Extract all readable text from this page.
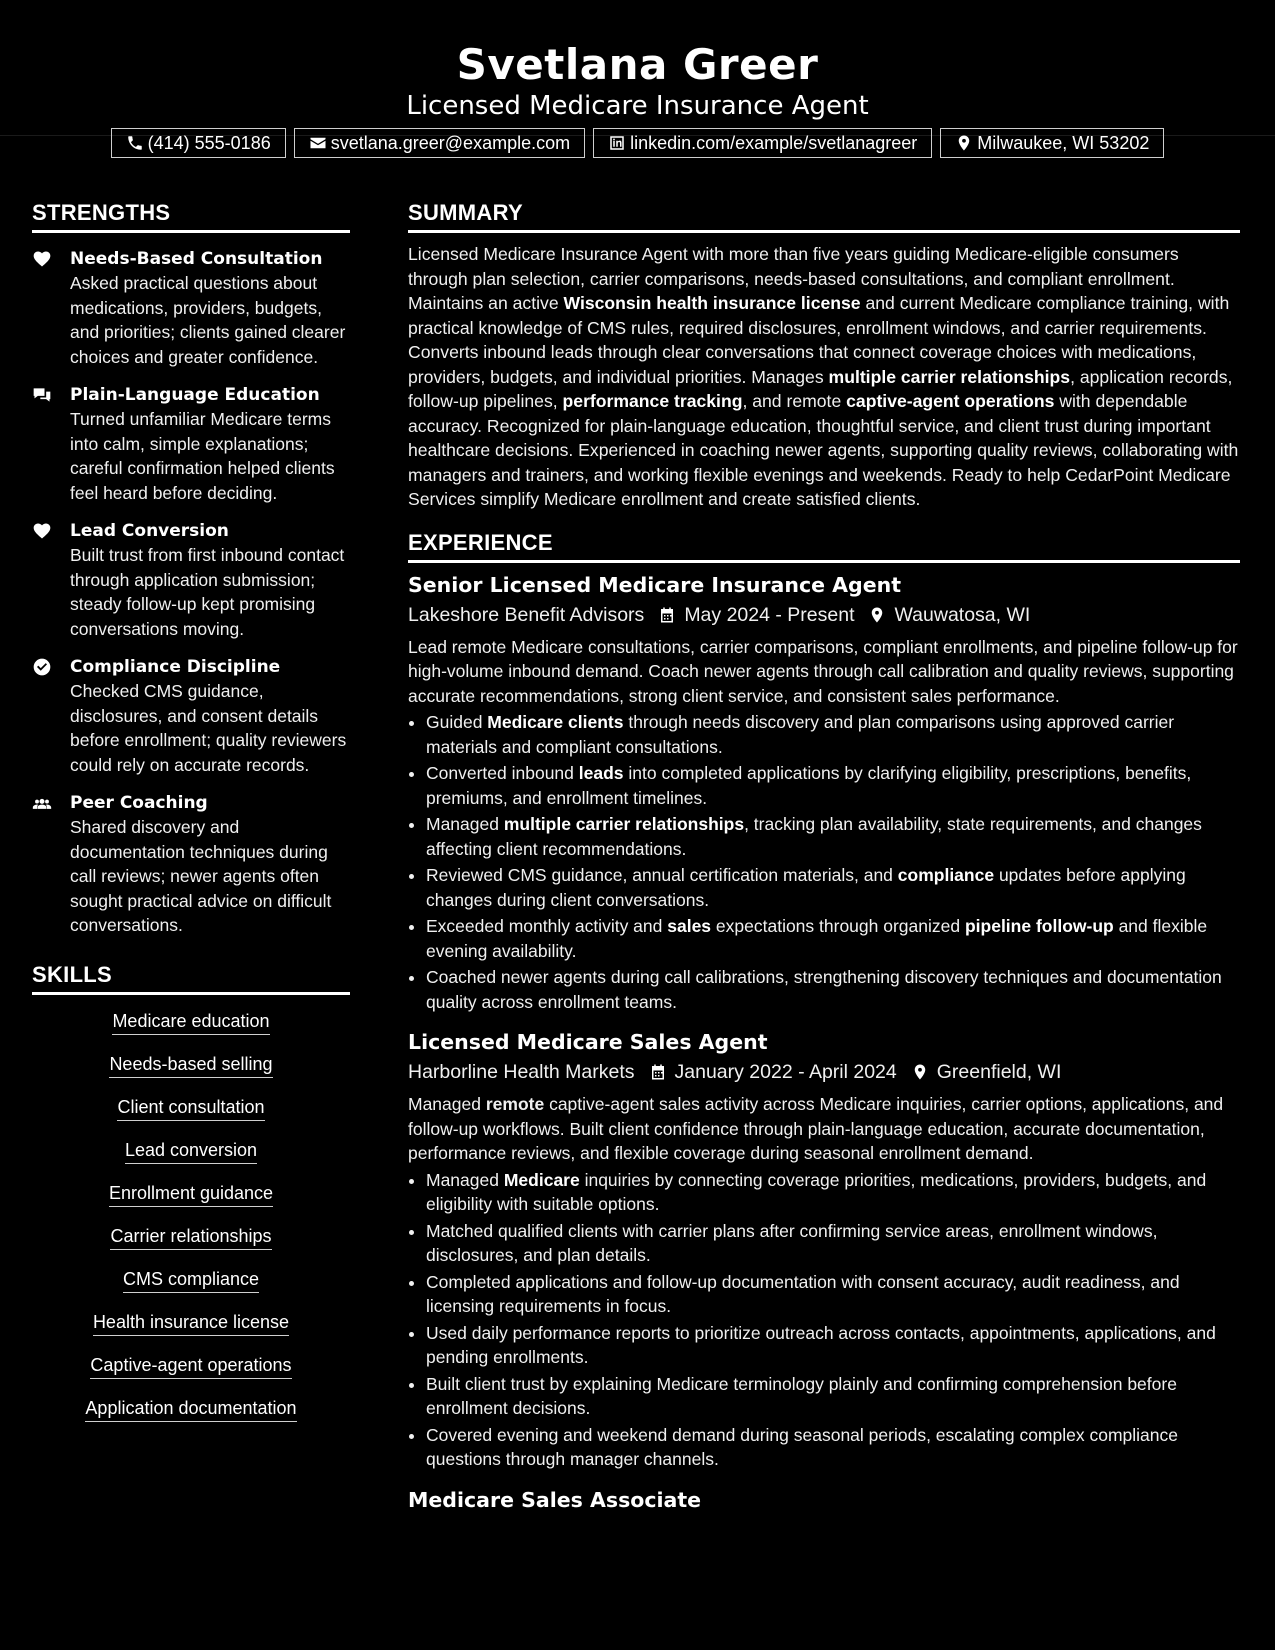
Svetlana Greer
Licensed Medicare Insurance Agent
(414) 555-0186	svetlana.greer@example.com	linkedin.com/example/svetlanagreer	Milwaukee, WI 53202
STRENGTHS
Needs-Based Consultation
Asked practical questions about medications, providers, budgets, and priorities; clients gained clearer choices and greater confidence.
Plain-Language Education
Turned unfamiliar Medicare terms into calm, simple explanations; careful confirmation helped clients feel heard before deciding.
Lead Conversion
Built trust from first inbound contact through application submission; steady follow-up kept promising conversations moving.
Compliance Discipline
Checked CMS guidance, disclosures, and consent details before enrollment; quality reviewers could rely on accurate records.
Peer Coaching
Shared discovery and documentation techniques during call reviews; newer agents often sought practical advice on difficult conversations.
SKILLS
Medicare education
Needs-based selling
Client consultation
Lead conversion
Enrollment guidance
Carrier relationships
CMS compliance
Health insurance license
Captive-agent operations
Application documentation
SUMMARY
Licensed Medicare Insurance Agent with more than five years guiding Medicare-eligible consumers through plan selection, carrier comparisons, needs-based consultations, and compliant enrollment. Maintains an active Wisconsin health insurance license and current Medicare compliance training, with practical knowledge of CMS rules, required disclosures, enrollment windows, and carrier requirements. Converts inbound leads through clear conversations that connect coverage choices with medications, providers, budgets, and individual priorities. Manages multiple carrier relationships, application records, follow-up pipelines, performance tracking, and remote captive-agent operations with dependable accuracy. Recognized for plain-language education, thoughtful service, and client trust during important healthcare decisions. Experienced in coaching newer agents, supporting quality reviews, collaborating with managers and trainers, and working flexible evenings and weekends. Ready to help CedarPoint Medicare Services simplify Medicare enrollment and create satisfied clients.
EXPERIENCE
Senior Licensed Medicare Insurance Agent
Lakeshore Benefit Advisors May 2024 - Present Wauwatosa, WI
Lead remote Medicare consultations, carrier comparisons, compliant enrollments, and pipeline follow-up for high-volume inbound demand. Coach newer agents through call calibration and quality reviews, supporting accurate recommendations, strong client service, and consistent sales performance.
• Guided Medicare clients through needs discovery and plan comparisons using approved carrier materials and compliant consultations.
• Converted inbound leads into completed applications by clarifying eligibility, prescriptions, benefits, premiums, and enrollment timelines.
• Managed multiple carrier relationships, tracking plan availability, state requirements, and changes affecting client recommendations.
• Reviewed CMS guidance, annual certification materials, and compliance updates before applying changes during client conversations.
• Exceeded monthly activity and sales expectations through organized pipeline follow-up and flexible evening availability.
• Coached newer agents during call calibrations, strengthening discovery techniques and documentation quality across enrollment teams.
Licensed Medicare Sales Agent
Harborline Health Markets January 2022 - April 2024 Greenfield, WI
Managed remote captive-agent sales activity across Medicare inquiries, carrier options, applications, and follow-up workflows. Built client confidence through plain-language education, accurate documentation, performance reviews, and flexible coverage during seasonal enrollment demand.
• Managed Medicare inquiries by connecting coverage priorities, medications, providers, budgets, and eligibility with suitable options.
• Matched qualified clients with carrier plans after confirming service areas, enrollment windows, disclosures, and plan details.
• Completed applications and follow-up documentation with consent accuracy, audit readiness, and licensing requirements in focus.
• Used daily performance reports to prioritize outreach across contacts, appointments, applications, and pending enrollments.
• Built client trust by explaining Medicare terminology plainly and confirming comprehension before enrollment decisions.
• Covered evening and weekend demand during seasonal periods, escalating complex compliance questions through manager channels.
Medicare Sales Associate
